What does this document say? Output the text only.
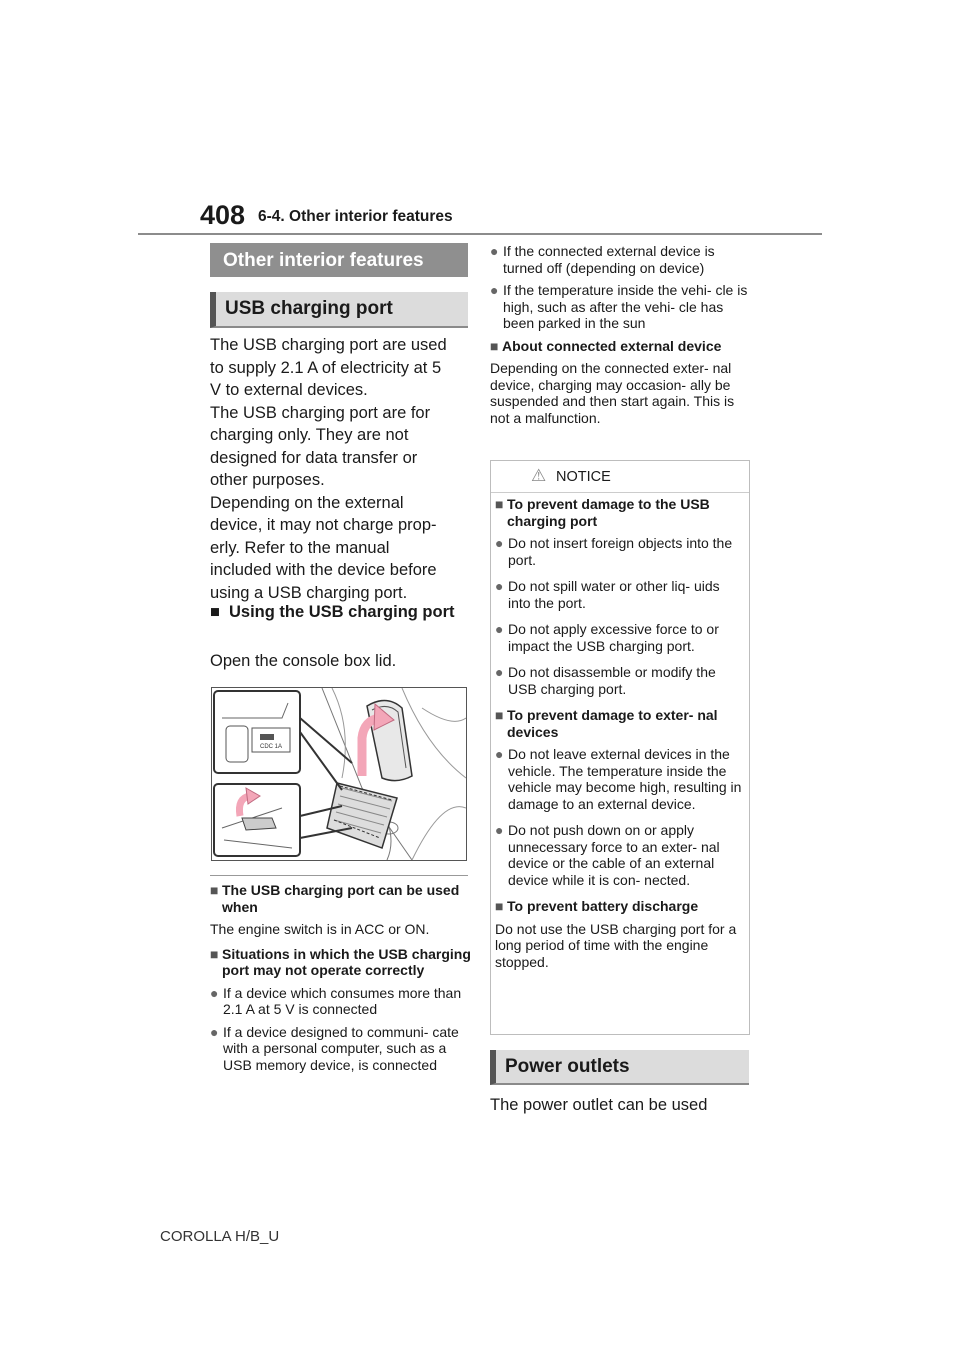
408 6-4. Other interior features
Other interior features
USB charging port

The USB charging port are used

to supply 2.1 A of electricity at 5

V to external devices.

The USB charging port are for

charging only. They are not

designed for data transfer or

other purposes.

Depending on the external

device, it may not charge prop-

erly. Refer to the manual

included with the device before

using a USB charging port.

■ Using the USB charging port
Open the console box lid.
CDC 1A
■ The USB charging port can be used when

The engine switch is in ACC or ON.

■ Situations in which the USB charging port may not operate correctly
● If a device which consumes more than 2.1 A at 5 V is connected
● If a device designed to communi- cate with a personal computer, such as a USB memory device, is connected
● If the connected external device is turned off (depending on device)
● If the temperature inside the vehi- cle is high, such as after the vehi- cle has been parked in the sun
■ About connected external device

Depending on the connected exter- nal device, charging may occasion- ally be suspended and then start again. This is not a malfunction.

⚠ NOTICE
■ To prevent damage to the USB charging port
● Do not insert foreign objects into the port.
● Do not spill water or other liq- uids into the port.
● Do not apply excessive force to or impact the USB charging port.
● Do not disassemble or modify the USB charging port.
■ To prevent damage to exter- nal devices
● Do not leave external devices in the vehicle. The temperature inside the vehicle may become high, resulting in damage to an external device.
● Do not push down on or apply unnecessary force to an exter- nal device or the cable of an external device while it is con- nected.
■ To prevent battery discharge

Do not use the USB charging port for a long period of time with the engine stopped.

Power outlets
The power outlet can be used
COROLLA H/B_U
